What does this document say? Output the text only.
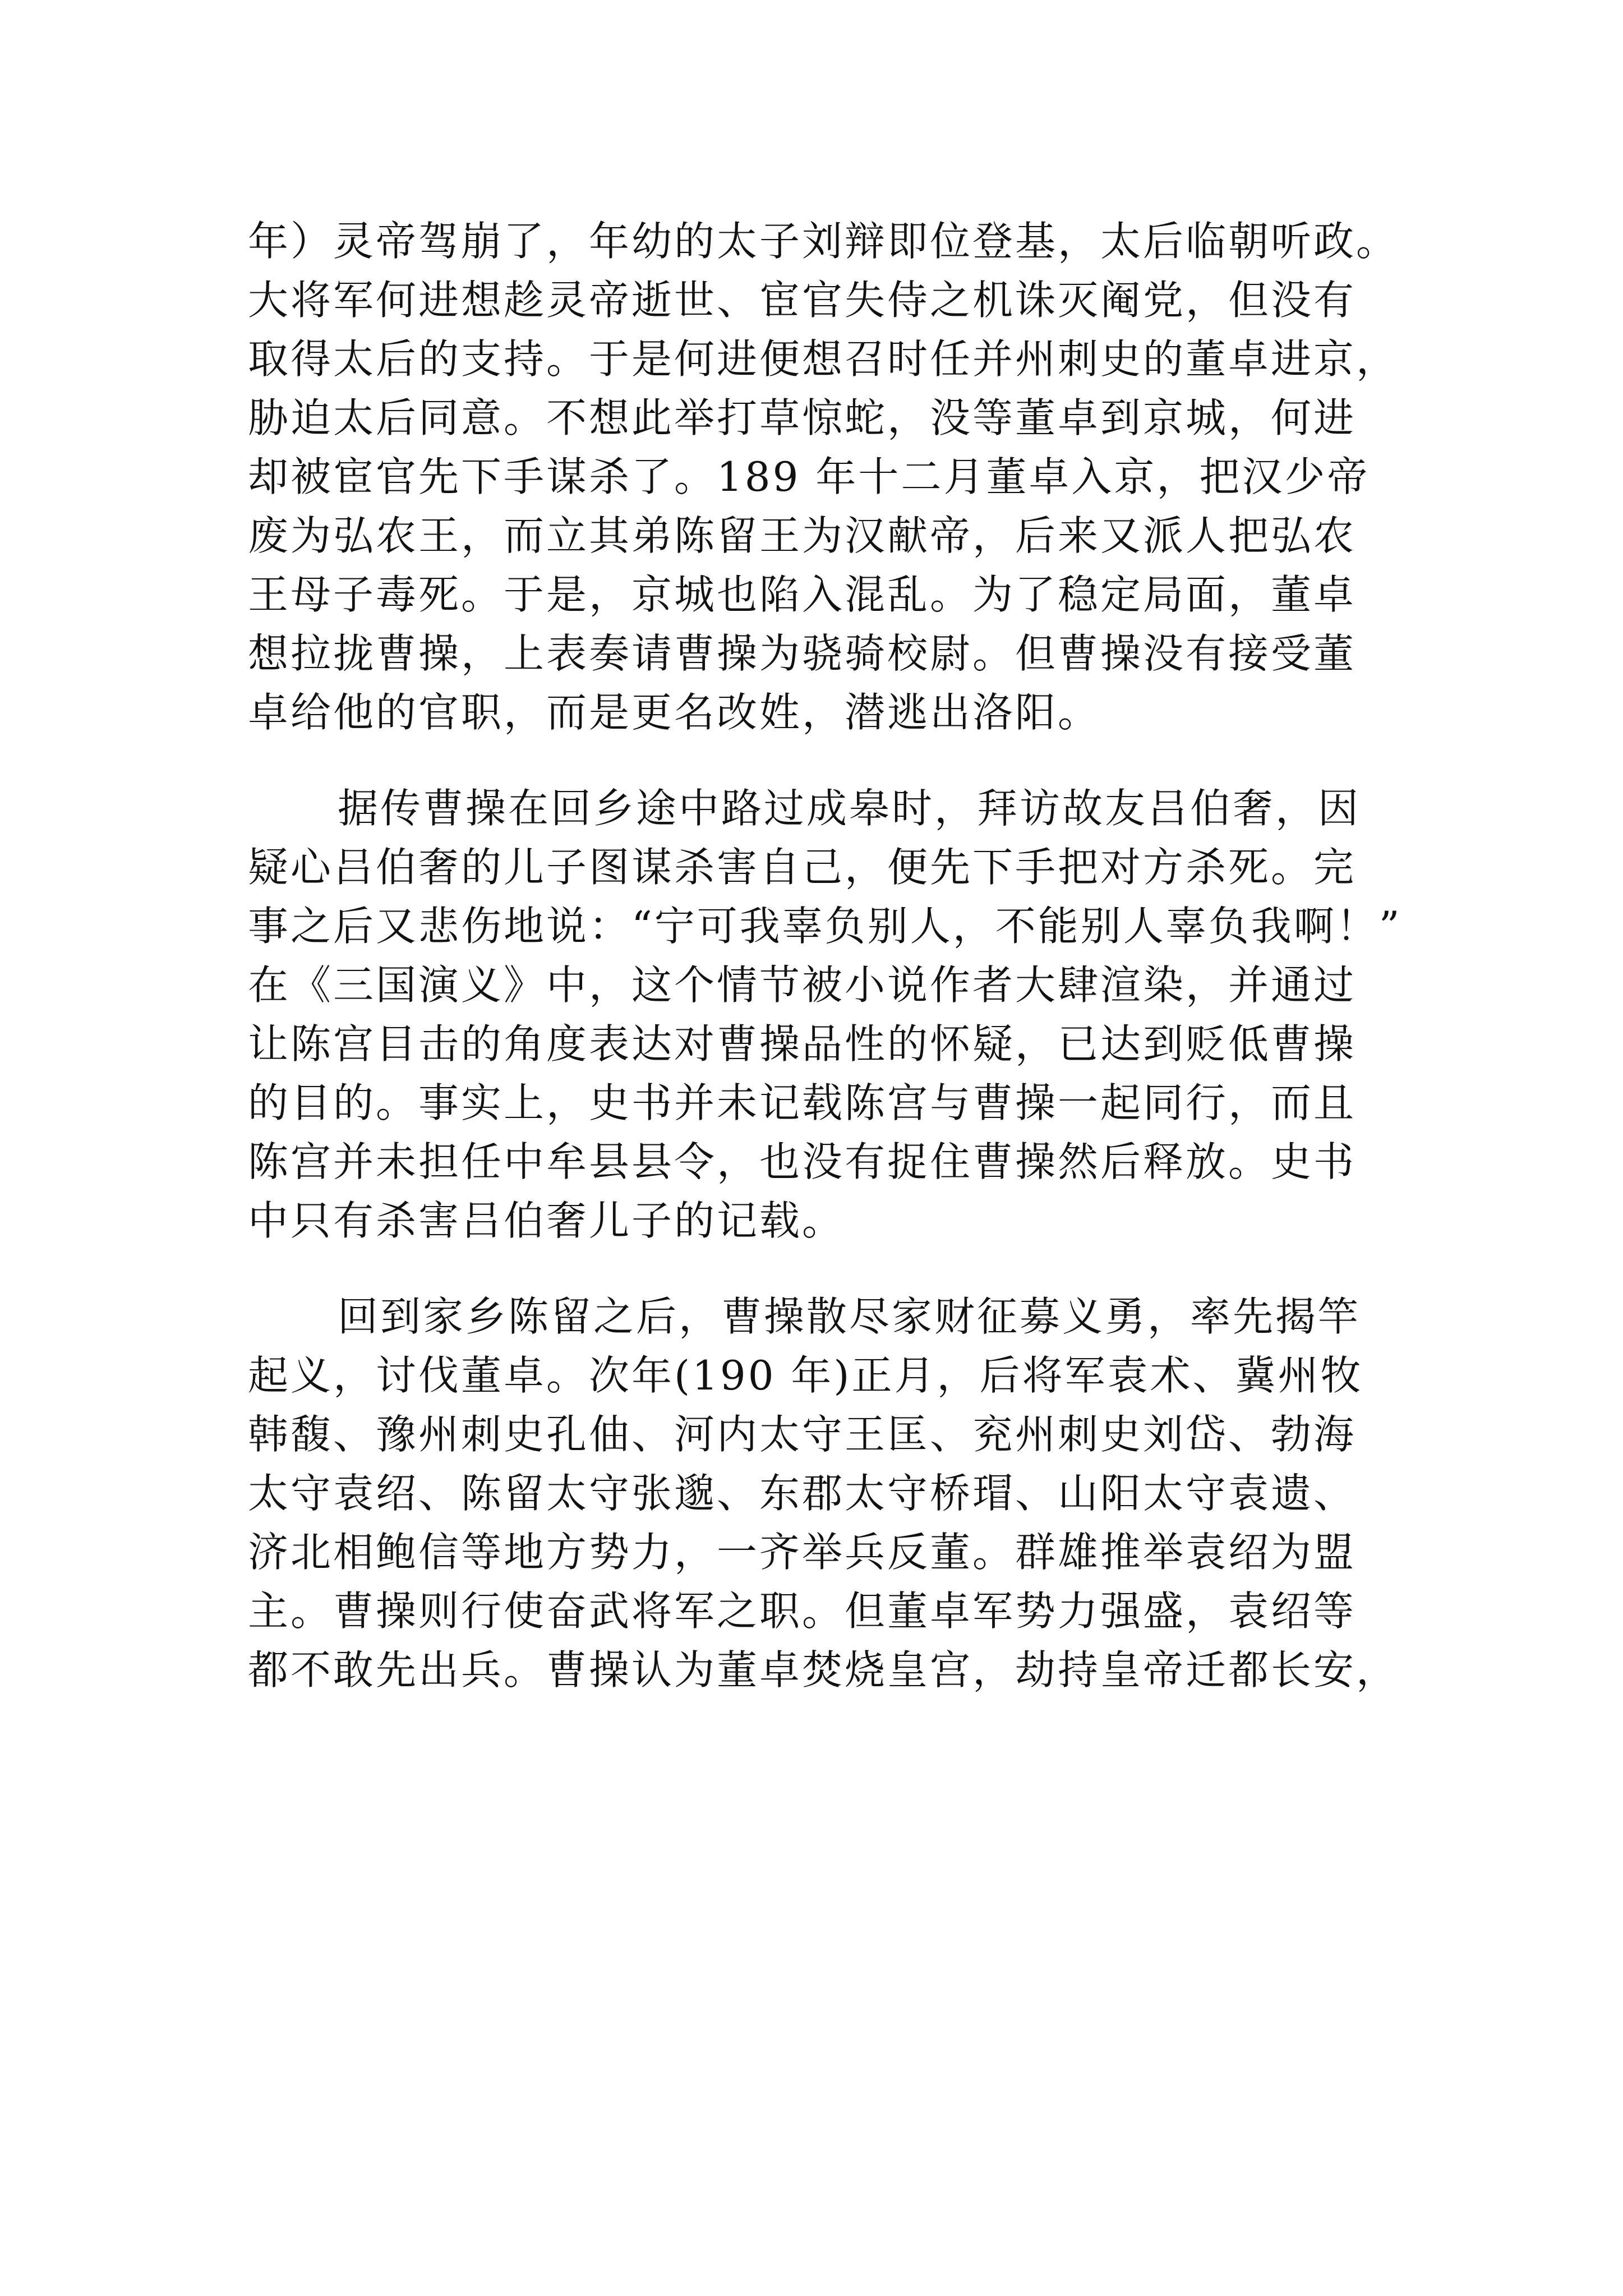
年）灵帝驾崩了，年幼的太子刘辩即位登基，太后临朝听政。
大将军何进想趁灵帝逝世、宦官失侍之机诛灭阉党，但没有
取得太后的支持。于是何进便想召时任并州刺史的董卓进京，
胁迫太后同意。不想此举打草惊蛇，没等董卓到京城，何进
却被宦官先下手谋杀了。189 年十二月董卓入京，把汉少帝
废为弘农王，而立其弟陈留王为汉献帝，后来又派人把弘农
王母子毒死。于是，京城也陷入混乱。为了稳定局面，董卓
想拉拢曹操，上表奏请曹操为骁骑校尉。但曹操没有接受董
卓给他的官职，而是更名改姓，潜逃出洛阳。
据传曹操在回乡途中路过成皋时，拜访故友吕伯奢，因
疑心吕伯奢的儿子图谋杀害自己，便先下手把对方杀死。完
事之后又悲伤地说：“宁可我辜负别人，不能别人辜负我啊！”
在《三国演义》中，这个情节被小说作者大肆渲染，并通过
让陈宫目击的角度表达对曹操品性的怀疑，已达到贬低曹操
的目的。事实上，史书并未记载陈宫与曹操一起同行，而且
陈宫并未担任中牟县县令，也没有捉住曹操然后释放。史书
中只有杀害吕伯奢儿子的记载。
回到家乡陈留之后，曹操散尽家财征募义勇，率先揭竿
起义，讨伐董卓。次年(190 年)正月，后将军袁术、冀州牧
韩馥、豫州刺史孔伷、河内太守王匡、兖州刺史刘岱、勃海
太守袁绍、陈留太守张邈、东郡太守桥瑁、山阳太守袁遗、
济北相鲍信等地方势力，一齐举兵反董。群雄推举袁绍为盟
主。曹操则行使奋武将军之职。但董卓军势力强盛，袁绍等
都不敢先出兵。曹操认为董卓焚烧皇宫，劫持皇帝迁都长安，
